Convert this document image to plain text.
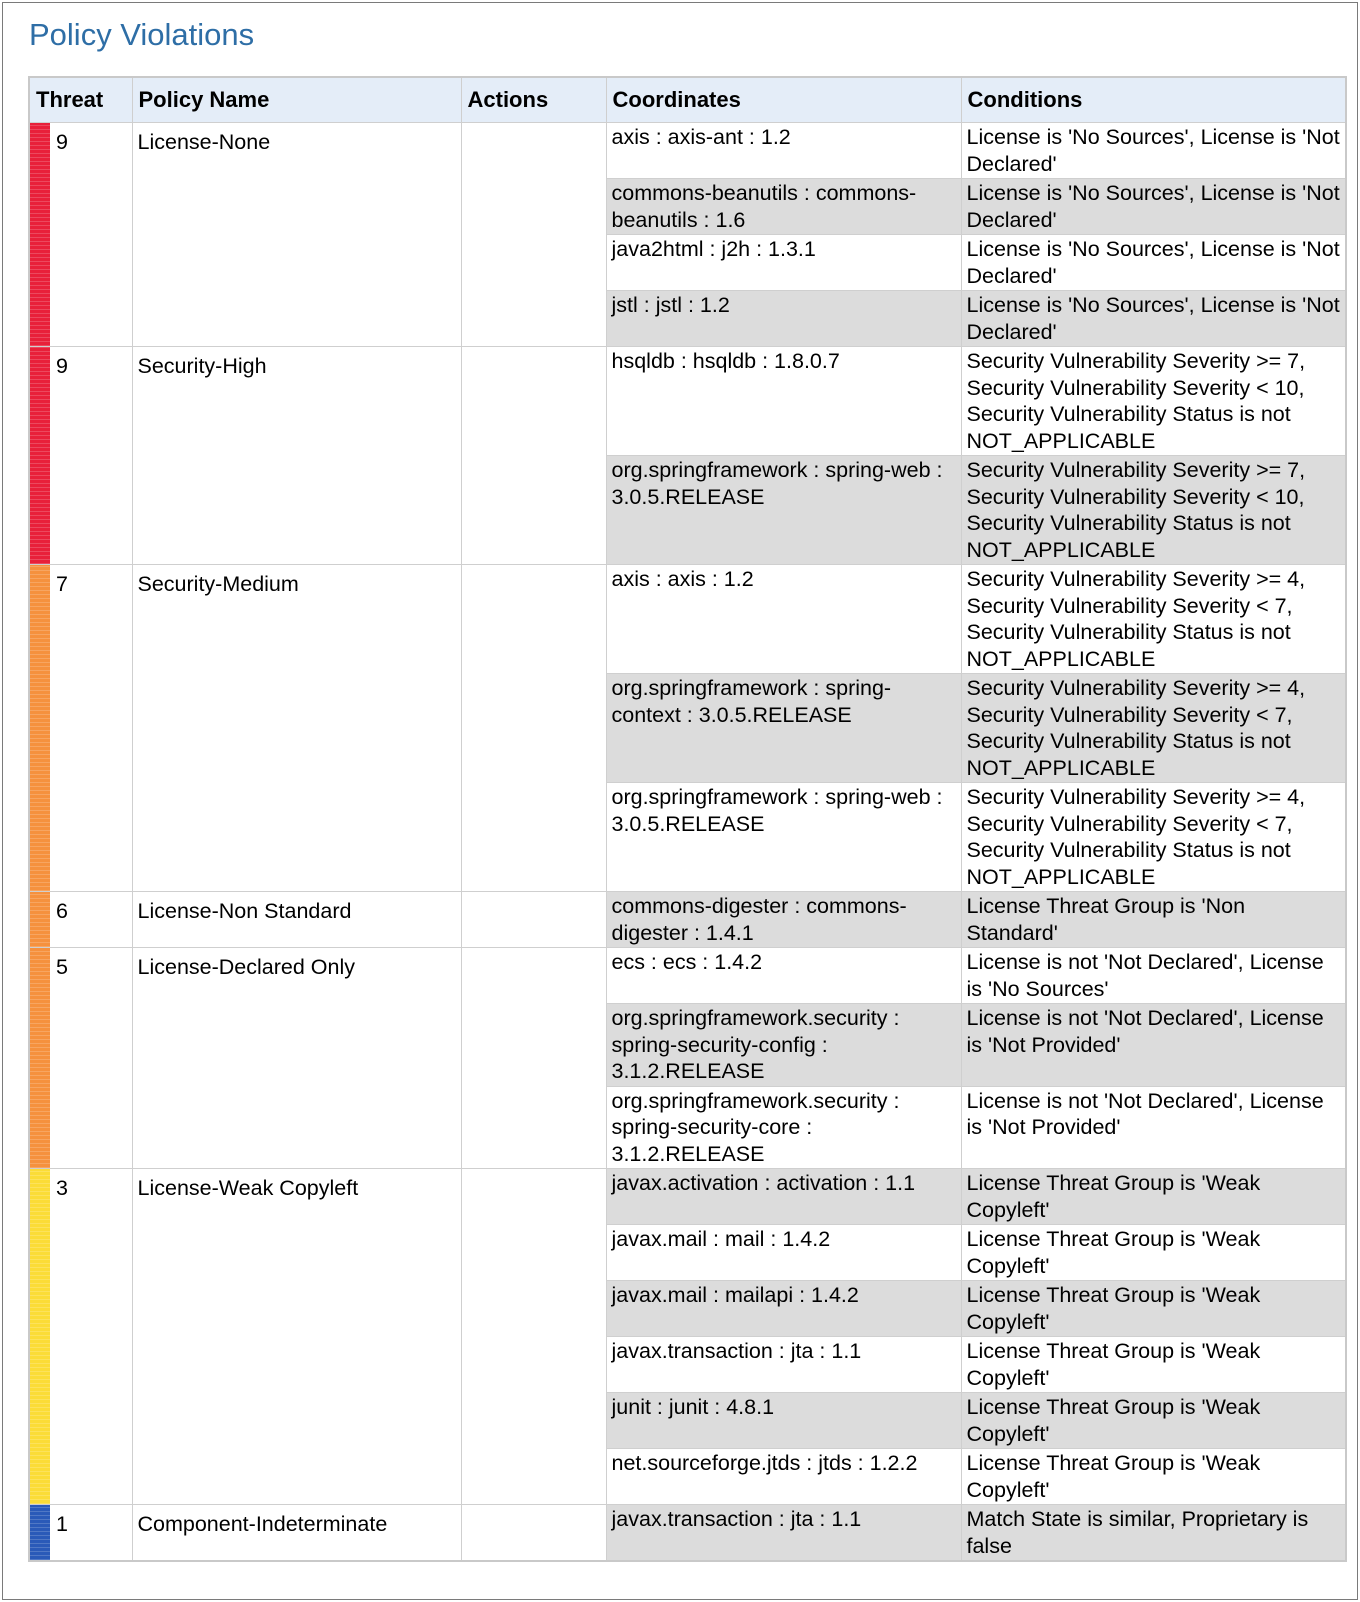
Policy Violations
Threat	Policy Name	Actions	Coordinates	Conditions

9	License-None		axis : axis-ant : 1.2	License is 'No Sources', License is 'Not Declared'
			commons-beanutils : commons-beanutils : 1.6	License is 'No Sources', License is 'Not Declared'
			java2html : j2h : 1.3.1	License is 'No Sources', License is 'Not Declared'
			jstl : jstl : 1.2	License is 'No Sources', License is 'Not Declared'

9	Security-High		hsqldb : hsqldb : 1.8.0.7	Security Vulnerability Severity >= 7, Security Vulnerability Severity < 10, Security Vulnerability Status is not NOT_APPLICABLE
			org.springframework : spring-web : 3.0.5.RELEASE	Security Vulnerability Severity >= 7, Security Vulnerability Severity < 10, Security Vulnerability Status is not NOT_APPLICABLE

7	Security-Medium		axis : axis : 1.2	Security Vulnerability Severity >= 4, Security Vulnerability Severity < 7, Security Vulnerability Status is not NOT_APPLICABLE
			org.springframework : spring-context : 3.0.5.RELEASE	Security Vulnerability Severity >= 4, Security Vulnerability Severity < 7, Security Vulnerability Status is not NOT_APPLICABLE
			org.springframework : spring-web : 3.0.5.RELEASE	Security Vulnerability Severity >= 4, Security Vulnerability Severity < 7, Security Vulnerability Status is not NOT_APPLICABLE

6	License-Non Standard		commons-digester : commons-digester : 1.4.1	License Threat Group is 'Non Standard'

5	License-Declared Only		ecs : ecs : 1.4.2	License is not 'Not Declared', License is 'No Sources'
			org.springframework.security : spring-security-config : 3.1.2.RELEASE	License is not 'Not Declared', License is 'Not Provided'
			org.springframework.security : spring-security-core : 3.1.2.RELEASE	License is not 'Not Declared', License is 'Not Provided'

3	License-Weak Copyleft		javax.activation : activation : 1.1	License Threat Group is 'Weak Copyleft'
			javax.mail : mail : 1.4.2	License Threat Group is 'Weak Copyleft'
			javax.mail : mailapi : 1.4.2	License Threat Group is 'Weak Copyleft'
			javax.transaction : jta : 1.1	License Threat Group is 'Weak Copyleft'
			junit : junit : 4.8.1	License Threat Group is 'Weak Copyleft'
			net.sourceforge.jtds : jtds : 1.2.2	License Threat Group is 'Weak Copyleft'

1	Component-Indeterminate		javax.transaction : jta : 1.1	Match State is similar, Proprietary is false
